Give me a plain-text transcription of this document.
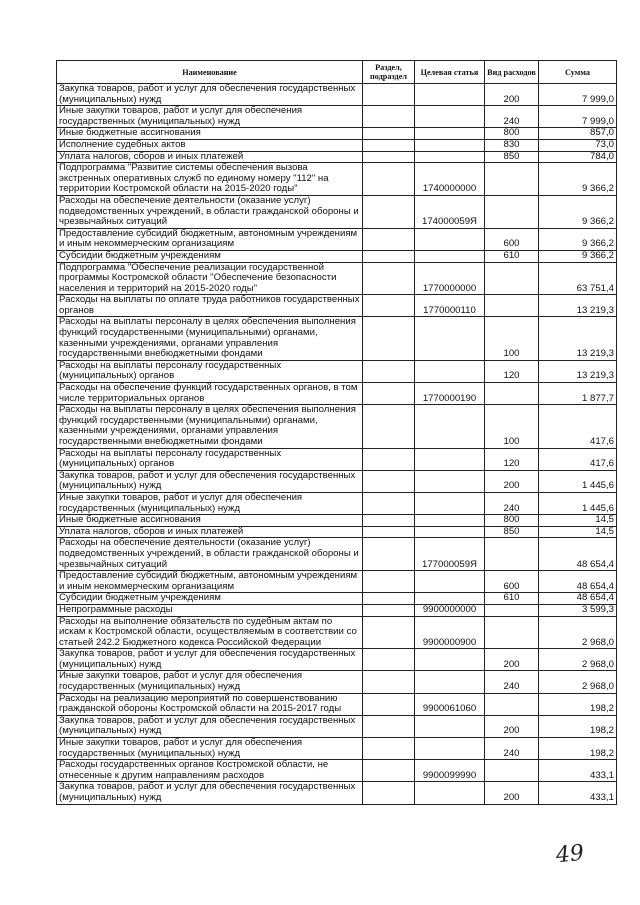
Наименование	Раздел, подраздел	Целевая статья	Вид расходов	Сумма
Закупка товаров, работ и услуг для обеспечения государственных (муниципальных) нужд			200	7 999,0
Иные закупки товаров, работ и услуг для обеспечения государственных (муниципальных) нужд			240	7 999,0
Иные бюджетные ассигнования			800	857,0
Исполнение судебных актов			830	73,0
Уплата налогов, сборов и иных платежей			850	784,0
Подпрограмма "Развитие системы обеспечения вызова экстренных оперативных служб по единому номеру "112" на территории Костромской области на 2015-2020 годы"		1740000000		9 366,2
Расходы на обеспечение деятельности (оказание услуг) подведомственных учреждений, в области гражданской обороны и чрезвычайных ситуаций		174000059Я		9 366,2
Предоставление субсидий бюджетным, автономным учреждениям и иным некоммерческим организациям			600	9 366,2
Субсидии бюджетным учреждениям			610	9 366,2
Подпрограмма "Обеспечение реализации государственной программы Костромской области "Обеспечение безопасности населения и территорий на 2015-2020 годы"		1770000000		63 751,4
Расходы на выплаты по оплате труда работников государственных органов		1770000110		13 219,3
Расходы на выплаты персоналу в целях обеспечения выполнения функций государственными (муниципальными) органами, казенными учреждениями, органами управления государственными внебюджетными фондами			100	13 219,3
Расходы на выплаты персоналу государственных (муниципальных) органов			120	13 219,3
Расходы на обеспечение функций государственных органов, в том числе территориальных органов		1770000190		1 877,7
Расходы на выплаты персоналу в целях обеспечения выполнения функций государственными (муниципальными) органами, казенными учреждениями, органами управления государственными внебюджетными фондами			100	417,6
Расходы на выплаты персоналу государственных (муниципальных) органов			120	417,6
Закупка товаров, работ и услуг для обеспечения государственных (муниципальных) нужд			200	1 445,6
Иные закупки товаров, работ и услуг для обеспечения государственных (муниципальных) нужд			240	1 445,6
Иные бюджетные ассигнования			800	14,5
Уплата налогов, сборов и иных платежей			850	14,5
Расходы на обеспечение деятельности (оказание услуг) подведомственных учреждений, в области гражданской обороны и чрезвычайных ситуаций		177000059Я		48 654,4
Предоставление субсидий бюджетным, автономным учреждениям и иным некоммерческим организациям			600	48 654,4
Субсидии бюджетным учреждениям			610	48 654,4
Непрограммные расходы		9900000000		3 599,3
Расходы на выполнение обязательств по судебным актам по искам к Костромской области, осуществляемым в соответствии со статьей 242.2 Бюджетного кодекса Российской Федерации		9900000900		2 968,0
Закупка товаров, работ и услуг для обеспечения государственных (муниципальных) нужд			200	2 968,0
Иные закупки товаров, работ и услуг для обеспечения государственных (муниципальных) нужд			240	2 968,0
Расходы на реализацию мероприятий по совершенствованию гражданской обороны Костромской области на 2015-2017 годы		9900061060		198,2
Закупка товаров, работ и услуг для обеспечения государственных (муниципальных) нужд			200	198,2
Иные закупки товаров, работ и услуг для обеспечения государственных (муниципальных) нужд			240	198,2
Расходы государственных органов Костромской области, не отнесенные к другим направлениям расходов		9900099990		433,1
Закупка товаров, работ и услуг для обеспечения государственных (муниципальных) нужд			200	433,1
49
